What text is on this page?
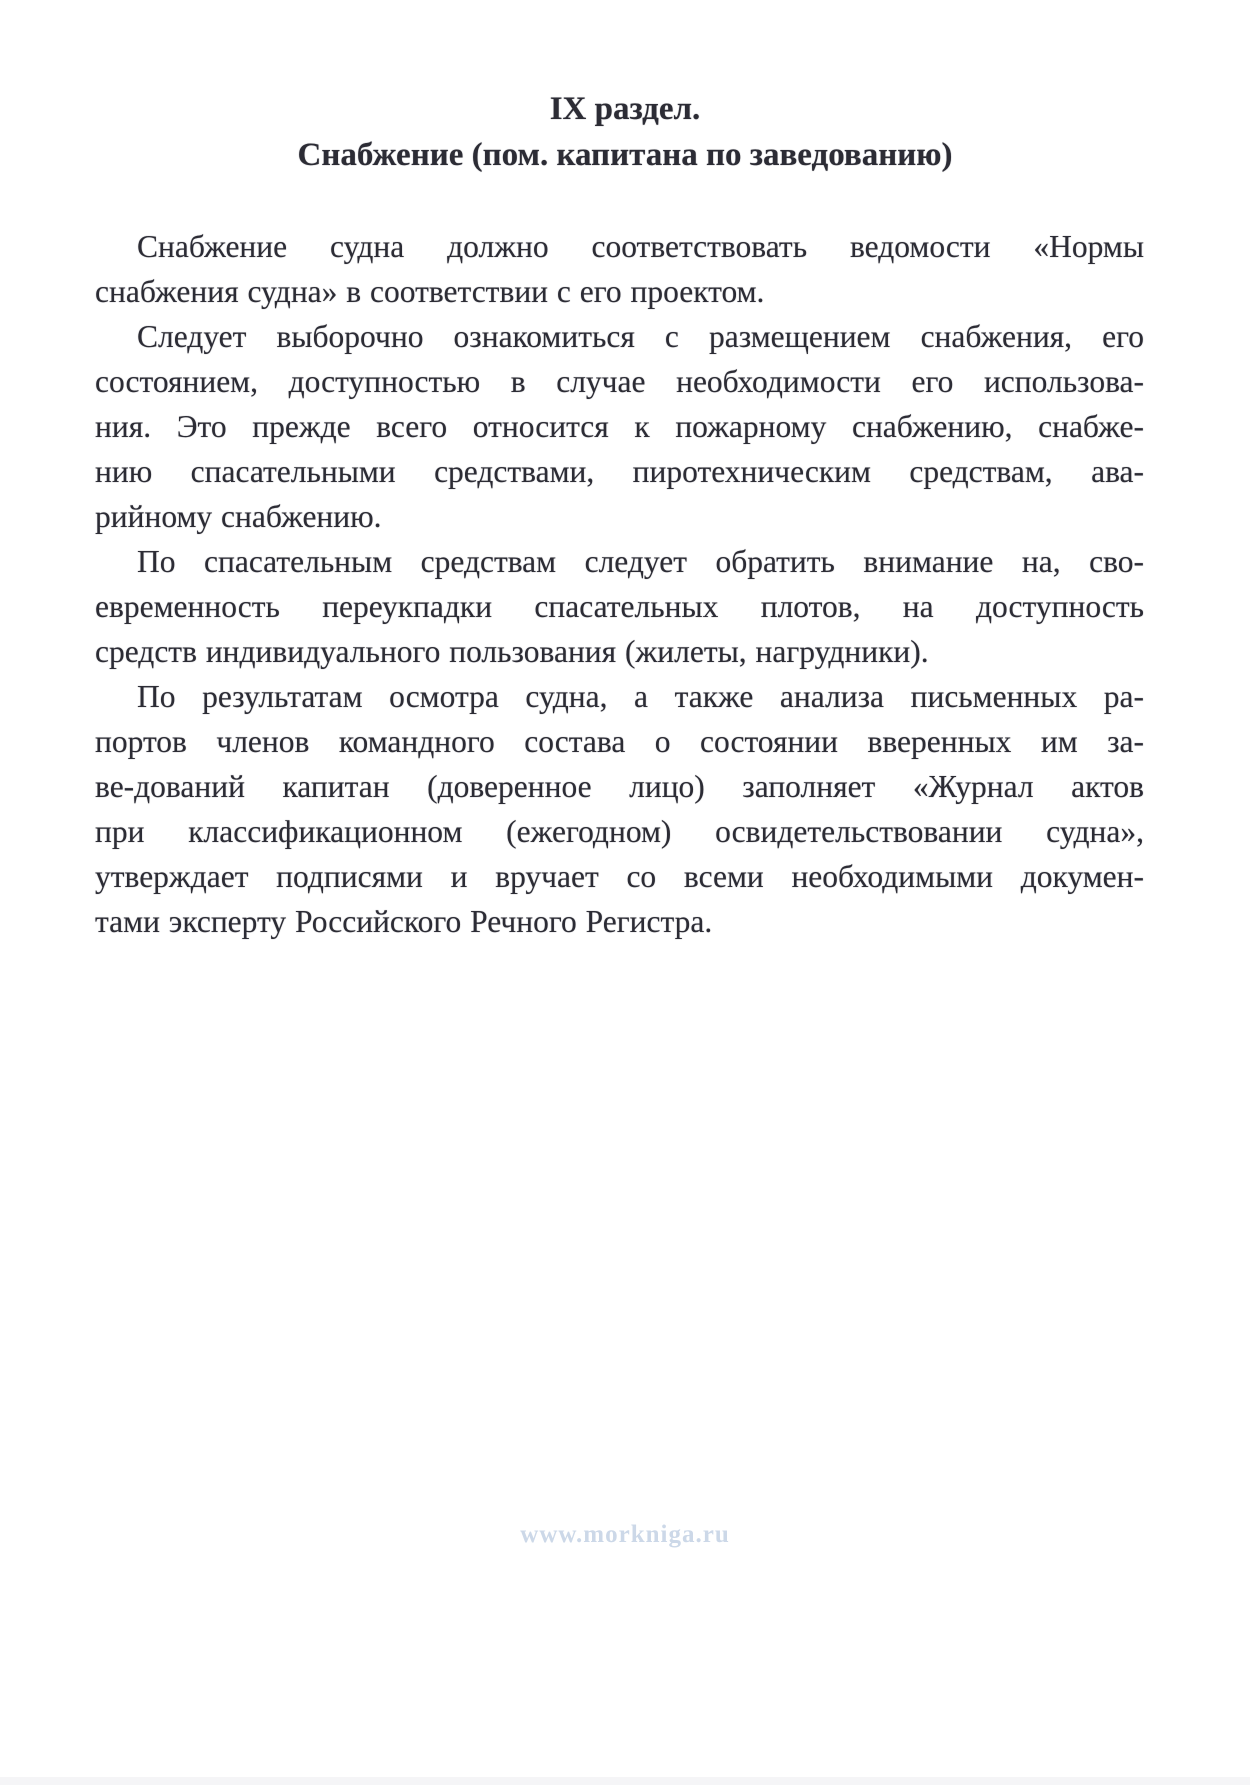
IX раздел.
Снабжение (пом. капитана по заведованию)
Снабжение судна должно соответствовать ведомости «Нормы
снабжения судна» в соответствии с его проектом.
Следует выборочно ознакомиться с размещением снабжения, его
состоянием, доступностью в случае необходимости его использова-
ния. Это прежде всего относится к пожарному снабжению, снабже-
нию спасательными средствами, пиротехническим средствам, ава-
рийному снабжению.
По спасательным средствам следует обратить внимание на, сво-
евременность переукпадки спасательных плотов, на доступность
средств индивидуального пользования (жилеты, нагрудники).
По результатам осмотра судна, а также анализа письменных ра-
портов членов командного состава о состоянии вверенных им за-
ве-дований капитан (доверенное лицо) заполняет «Журнал актов
при классификационном (ежегодном) освидетельствовании судна»,
утверждает подписями и вручает со всеми необходимыми докумен-
тами эксперту Российского Речного Регистра.
www.morkniga.ru
